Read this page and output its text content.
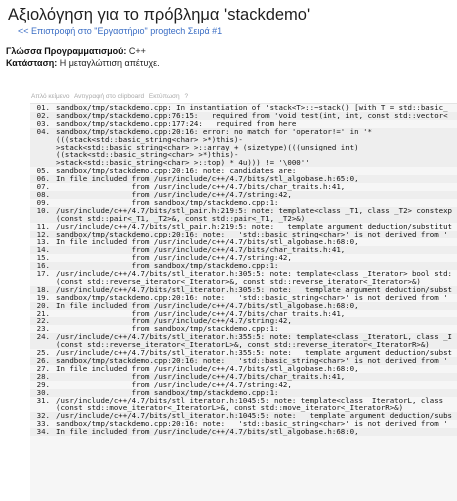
Αξιολόγηση για το πρόβλημα 'stackdemo'
<< Επιστροφή στο "Εργαστήριο" progtech Σειρά #1
Γλώσσα Προγραμματισμού: C++
Κατάσταση: Η μεταγλώττιση απέτυχε.
Απλό κείμενο Αντιγραφή στο clipboard Εκτύπωση ?
01. sandbox/tmp/stackdemo.cpp: In instantiation of 'stack<T>::~stack() [with T = std::basic_
02. sandbox/tmp/stackdemo.cpp:76:15:   required from 'void test(int, int, const std::vector<
03. sandbox/tmp/stackdemo.cpp:177:24:   required from here
04. sandbox/tmp/stackdemo.cpp:20:16: error: no match for 'operator!=' in '*
(((stack<std::basic_string<char> >*)this)-
>stack<std::basic_string<char> >::array + (sizetype)(((unsigned int)
((stack<std::basic_string<char> >*)this)-
>stack<std::basic_string<char> >::top) * 4u))) != '\000''
05. sandbox/tmp/stackdemo.cpp:20:16: note: candidates are:
06. In file included from /usr/include/c++/4.7/bits/stl_algobase.h:65:0,
07. from /usr/include/c++/4.7/bits/char_traits.h:41,
08. from /usr/include/c++/4.7/string:42,
09. from sandbox/tmp/stackdemo.cpp:1:
10. /usr/include/c++/4.7/bits/stl_pair.h:219:5: note: template<class _T1, class _T2> constexp
(const std::pair<_T1, _T2>&, const std::pair<_T1, _T2>&)
11. /usr/include/c++/4.7/bits/stl_pair.h:219:5: note:   template argument deduction/substitut
12. sandbox/tmp/stackdemo.cpp:20:16: note:   'std::basic_string<char>' is not derived from '
13. In file included from /usr/include/c++/4.7/bits/stl_algobase.h:68:0,
14. from /usr/include/c++/4.7/bits/char_traits.h:41,
15. from /usr/include/c++/4.7/string:42,
16. from sandbox/tmp/stackdemo.cpp:1:
17. /usr/include/c++/4.7/bits/stl_iterator.h:305:5: note: template<class _Iterator> bool std:
(const std::reverse_iterator<_Iterator>&, const std::reverse_iterator<_Iterator>&)
18. /usr/include/c++/4.7/bits/stl_iterator.h:305:5: note:   template argument deduction/subst
19. sandbox/tmp/stackdemo.cpp:20:16: note:   'std::basic_string<char>' is not derived from '
20. In file included from /usr/include/c++/4.7/bits/stl_algobase.h:68:0,
21. from /usr/include/c++/4.7/bits/char_traits.h:41,
22. from /usr/include/c++/4.7/string:42,
23. from sandbox/tmp/stackdemo.cpp:1:
24. /usr/include/c++/4.7/bits/stl_iterator.h:355:5: note: template<class _IteratorL, class _I
(const std::reverse_iterator<_IteratorL>&, const std::reverse_iterator<_IteratorR>&)
25. /usr/include/c++/4.7/bits/stl_iterator.h:355:5: note:   template argument deduction/subst
26. sandbox/tmp/stackdemo.cpp:20:16: note:   'std::basic_string<char>' is not derived from '
27. In file included from /usr/include/c++/4.7/bits/stl_algobase.h:68:0,
28. from /usr/include/c++/4.7/bits/char_traits.h:41,
29. from /usr/include/c++/4.7/string:42,
30. from sandbox/tmp/stackdemo.cpp:1:
31. /usr/include/c++/4.7/bits/stl_iterator.h:1045:5: note: template<class _IteratorL, class _
(const std::move_iterator<_IteratorL>&, const std::move_iterator<_IteratorR>&)
32. /usr/include/c++/4.7/bits/stl_iterator.h:1045:5: note:   template argument deduction/subs
33. sandbox/tmp/stackdemo.cpp:20:16: note:   'std::basic_string<char>' is not derived from '
34. In file included from /usr/include/c++/4.7/bits/stl_algobase.h:68:0,
